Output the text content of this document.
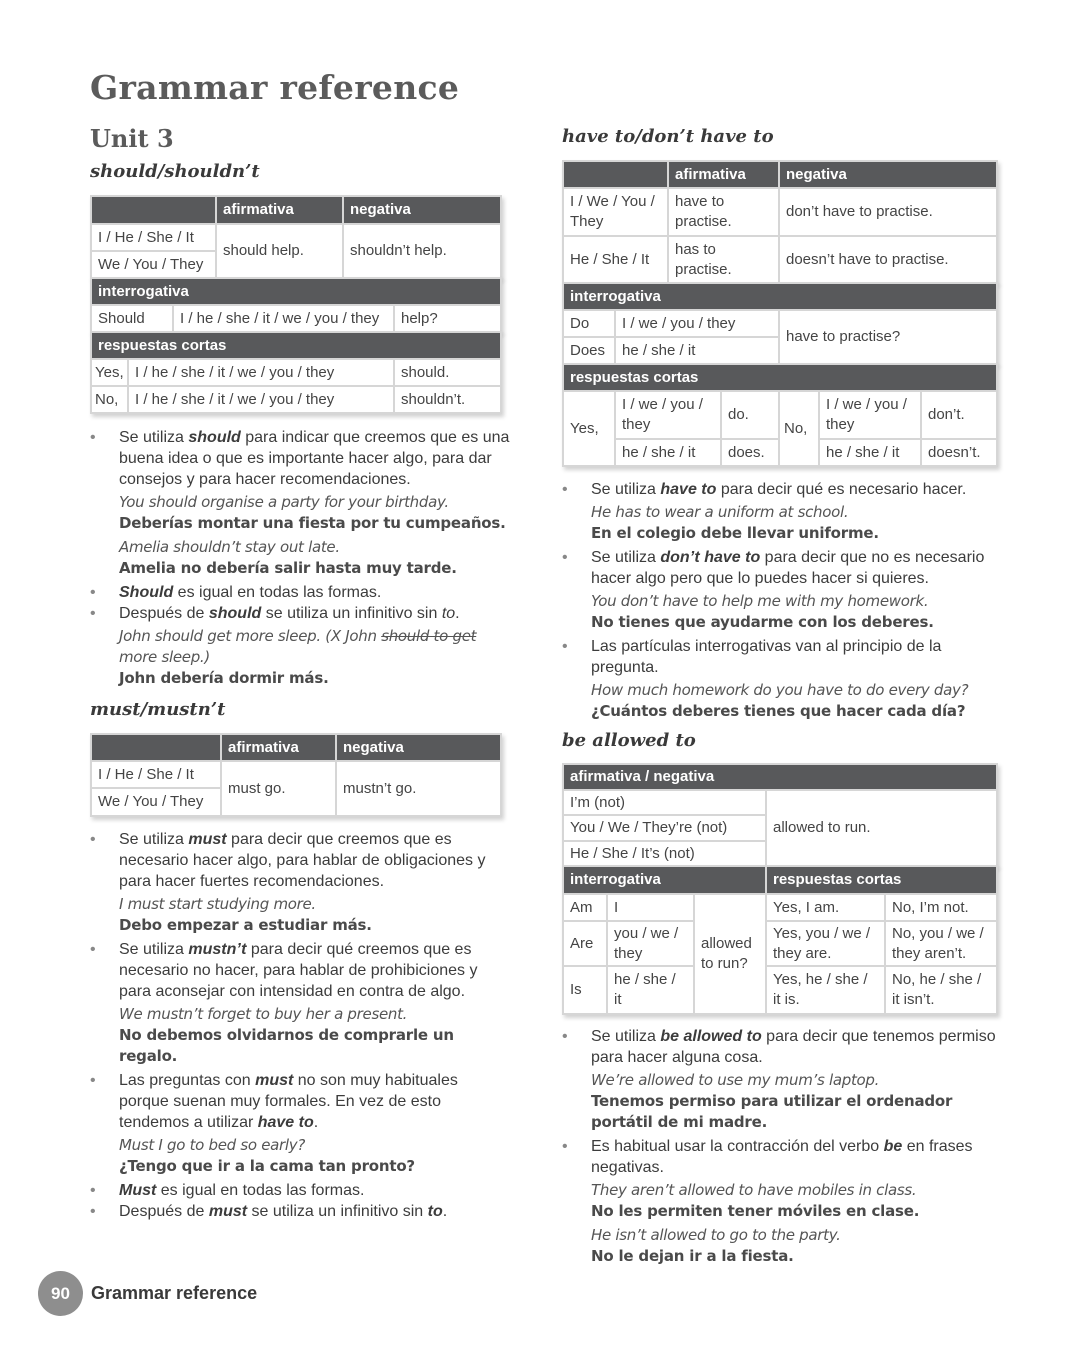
Grammar reference
Unit 3
should/shouldn’t
	afirmativa	negativa
I / He / She / It	should help.	shouldn’t help.
We / You / They		
interrogativa
Should	I / he / she / it / we / you / they	help?
respuestas cortas		
Yes,	I / he / she / it / we / you / they	should.
No,	I / he / she / it / we / you / they	shouldn’t.
• Se utiliza should para indicar que creemos que es una buena idea o que es importante hacer algo, para dar consejos y para hacer recomendaciones.
You should organise a party for your birthday.
Deberías montar una fiesta por tu cumpeaños.
Amelia shouldn’t stay out late.
Amelia no debería salir hasta muy tarde.
• Should es igual en todas las formas.
• Después de should se utiliza un infinitivo sin to.
John should get more sleep. (X John should to get more sleep.)
John debería dormir más.
must/mustn’t
	afirmativa	negativa
I / He / She / It	must go.	mustn’t go.
We / You / They		
• Se utiliza must para decir que creemos que es necesario hacer algo, para hablar de obligaciones y para hacer fuertes recomendaciones.
I must start studying more.
Debo empezar a estudiar más.
• Se utiliza mustn’t para decir qué creemos que es necesario no hacer, para hablar de prohibiciones y para aconsejar con intensidad en contra de algo.
We mustn’t forget to buy her a present.
No debemos olvidarnos de comprarle un regalo.
• Las preguntas con must no son muy habituales porque suenan muy formales. En vez de esto tendemos a utilizar have to.
Must I go to bed so early?
¿Tengo que ir a la cama tan pronto?
• Must es igual en todas las formas.
• Después de must se utiliza un infinitivo sin to.
have to/don’t have to
	afirmativa	negativa
I / We / You / They	have to practise.	don’t have to practise.
He / She / It	has to practise.	doesn’t have to practise.
interrogativa		
Do	I / we / you / they	have to practise?
Does	he / she / it	
respuestas cortas					
Yes,	I / we / you / they	do.	No,	I / we / you / they	don’t.
	he / she / it	does.		he / she / it	doesn’t.
• Se utiliza have to para decir qué es necesario hacer.
He has to wear a uniform at school.
En el colegio debe llevar uniforme.
• Se utiliza don’t have to para decir que no es necesario hacer algo pero que lo puedes hacer si quieres.
You don’t have to help me with my homework.
No tienes que ayudarme con los deberes.
• Las partículas interrogativas van al principio de la pregunta.
How much homework do you have to do every day?
¿Cuántos deberes tienes que hacer cada día?
be allowed to
afirmativa / negativa
I’m (not)	allowed to run.
You / We / They’re (not)
He / She / It’s (not)
interrogativa			respuestas cortas	
Am	I	allowed to run?	Yes, I am.	No, I’m not.
Are	you / we / they		Yes, you / we / they are.	No, you / we / they aren’t.
Is	he / she / it		Yes, he / she / it is.	No, he / she / it isn’t.
• Se utiliza be allowed to para decir que tenemos permiso para hacer alguna cosa.
We’re allowed to use my mum’s laptop.
Tenemos permiso para utilizar el ordenador portátil de mi madre.
• Es habitual usar la contracción del verbo be en frases negativas.
They aren’t allowed to have mobiles in class.
No les permiten tener móviles en clase.
He isn’t allowed to go to the party.
No le dejan ir a la fiesta.
90	Grammar reference
